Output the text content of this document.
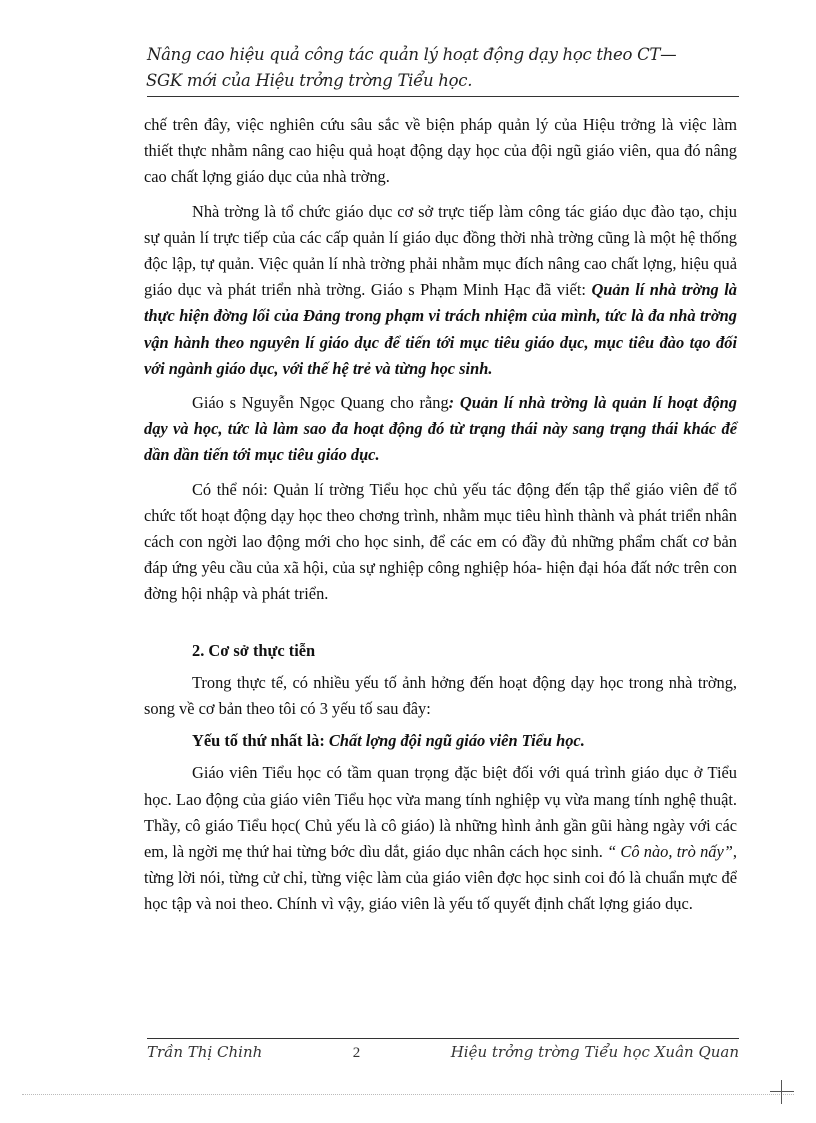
Nâng cao hiệu quả công tác quản lý hoạt động dạy học theo CT—
SGK mới của Hiệu trởng trờng Tiểu học.

chế trên đây, việc nghiên cứu sâu sắc về biện pháp quản lý của Hiệu trởng là việc làm thiết thực nhằm nâng cao hiệu quả hoạt động dạy học của đội ngũ giáo viên, qua đó nâng cao chất lợng giáo dục của nhà trờng.

Nhà trờng là tổ chức giáo dục cơ sở trực tiếp làm công tác giáo dục đào tạo, chịu sự quản lí trực tiếp của các cấp quản lí giáo dục đồng thời nhà trờng cũng là một hệ thống độc lập, tự quản. Việc quản lí nhà trờng phải nhằm mục đích nâng cao chất lợng, hiệu quả giáo dục và phát triển nhà trờng. Giáo s Phạm Minh Hạc đã viết: Quản lí nhà trờng là thực hiện đờng lối của Đảng trong phạm vi trách nhiệm của mình, tức là đa nhà trờng vận hành theo nguyên lí giáo dục để tiến tới mục tiêu giáo dục, mục tiêu đào tạo đối với ngành giáo dục, với thế hệ trẻ và từng học sinh.

Giáo s Nguyễn Ngọc Quang cho rằng: Quản lí nhà trờng là quản lí hoạt động dạy và học, tức là làm sao đa hoạt động đó từ trạng thái này sang trạng thái khác để dần dần tiến tới mục tiêu giáo dục.

Có thể nói: Quản lí trờng Tiểu học chủ yếu tác động đến tập thể giáo viên để tổ chức tốt hoạt động dạy học theo chơng trình, nhằm mục tiêu hình thành và phát triển nhân cách con ngời lao động mới cho học sinh, để các em có đầy đủ những phẩm chất cơ bản đáp ứng yêu cầu của xã hội, của sự nghiệp công nghiệp hóa- hiện đại hóa đất nớc trên con đờng hội nhập và phát triển.

2. Cơ sở thực tiễn

Trong thực tế, có nhiều yếu tố ảnh hởng đến hoạt động dạy học trong nhà trờng, song về cơ bản theo tôi có 3 yếu tố sau đây:

Yếu tố thứ nhất là: Chất lợng đội ngũ giáo viên Tiểu học.

Giáo viên Tiểu học có tầm quan trọng đặc biệt đối với quá trình giáo dục ở Tiểu học. Lao động của giáo viên Tiểu học vừa mang tính nghiệp vụ vừa mang tính nghệ thuật. Thầy, cô giáo Tiểu học( Chủ yếu là cô giáo) là những hình ảnh gần gũi hàng ngày với các em, là ngời mẹ thứ hai từng bớc dìu dắt, giáo dục nhân cách học sinh. “ Cô nào, trò nấy”, từng lời nói, từng cử chỉ, từng việc làm của giáo viên đợc học sinh coi đó là chuẩn mực để học tập và noi theo. Chính vì vậy, giáo viên là yếu tố quyết định chất lợng giáo dục.

Trần Thị Chinh	2	Hiệu trởng trờng Tiểu học Xuân Quan
